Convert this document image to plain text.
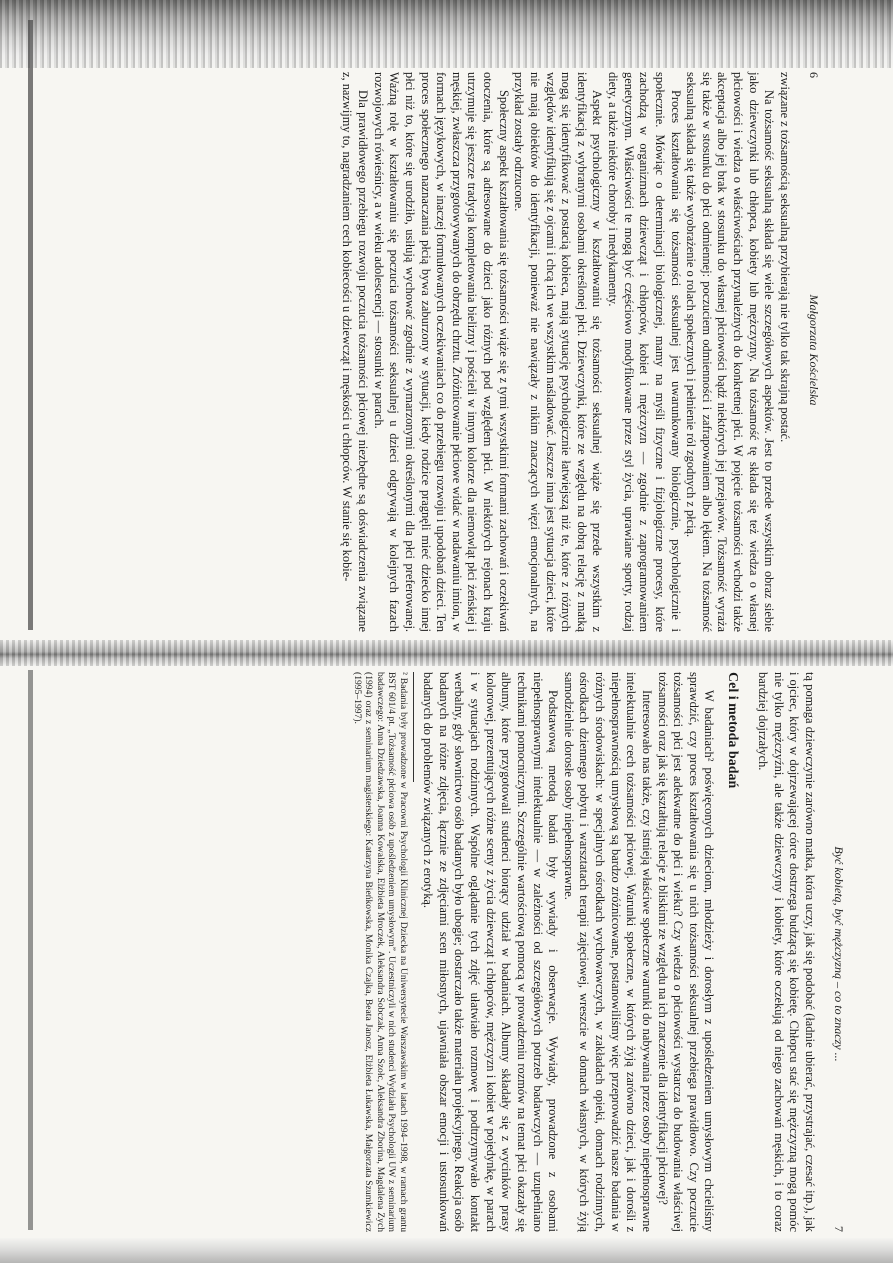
6
Małgorzata Kościelska

związane z tożsamością seksualną przybierają nie tylko tak skrajną postać.

Na tożsamość seksualną składa się wiele szczegółowych aspektów. Jest to przede wszystkim obraz siebie jako dziewczynki lub chłopca, kobiety lub mężczyzny. Na tożsamość tę składa się też wiedza o własnej płciowości i wiedza o właściwościach przynależnych do konkretnej płci. W pojęcie tożsamości wchodzi także akceptacja albo jej brak w stosunku do własnej płciowości bądź niektórych jej przejawów. Tożsamość wyraża się także w stosunku do płci odmiennej: poczuciem odmienności i zafrapowaniem albo lękiem. Na tożsamość seksualną składa się także wyobrażenie o rolach społecznych i pełnienie ról zgodnych z płcią.

Proces kształtowania się tożsamości seksualnej jest uwarunkowany biologicznie, psychologicznie i społecznie. Mówiąc o determinacji biologicznej, mamy na myśli fizyczne i fizjologiczne procesy, które zachodzą w organizmach dziewcząt i chłopców, kobiet i mężczyzn — zgodnie z zaprogramowaniem genetycznym. Właściwości te mogą być częściowo modyfikowane przez styl życia, uprawiane sporty, rodzaj diety, a także niektóre choroby i medykamenty.

Aspekt psychologiczny w kształtowaniu się tożsamości seksualnej wiąże się przede wszystkim z identyfikacją z wybranymi osobami określonej płci. Dziewczynki, które ze względu na dobrą relację z matką mogą się identyfikować z postacią kobieca, mają sytuację psychologicznie łatwiejszą niż te, które z różnych względów identyfikują się z ojcami i chcą ich we wszystkim naśladować. Jeszcze inna jest sytuacja dzieci, które nie mają obiektów do identyfikacji, ponieważ nie nawiązały z nikim znaczących więzi emocjonalnych, na przykład zostały odrzucone.

Społeczny aspekt kształtowania się tożsamości wiąże się z tymi wszystkimi formami zachowań i oczekiwań otoczenia, które są adresowane do dzieci jako różnych pod względem płci. W niektórych rejonach kraju utrzymuje się jeszcze tradycja kompletowania bielizny i pościeli w innym kolorze dla niemowląt płci żeńskiej i męskiej, zwłaszcza przygotowywanych do obrzędu chrztu. Zróżnicowanie płciowe widać w nadawaniu imion, w formach językowych, w inaczej formułowanych oczekiwaniach co do przebiegu rozwoju i upodobań dzieci. Ten proces społecznego naznaczania płcią bywa zaburzony w sytuacji, kiedy rodzice pragnęli mieć dziecko innej płci niż to, które się urodziło, usiłują wychować zgodnie z wymarzonymi określonymi dla płci preferowanej. Ważną rolę w kształtowaniu się poczucia tożsamości seksualnej u dzieci odgrywają w kolejnych fazach rozwojowych rówieśnicy, a w wieku adolescencji — stosunki w parach.

Dla prawidłowego przebiegu rozwoju poczucia tożsamości płciowej niezbędne są doświadczenia związane z, nazwijmy to, nagradzaniem cech kobiecości u dziewcząt i męskości u chłopców. W stanie się kobie-

Być kobietą, być mężczyzną – co to znaczy ...
7

tą pomaga dziewczynie zarówno matka, która uczy, jak się podobać (ładnie ubierać, przystrajać, czesać itp.), jak i ojciec, który w dojrzewającej córce dostrzega budzącą się kobietę. Chłopcu stać się mężczyzną mogą pomóc nie tylko mężczyźni, ale także dziewczyny i kobiety, które oczekują od niego zachowań męskich, i to coraz bardziej dojrzałych.

Cel i metoda badań

W badaniach² poświęconych dzieciom, młodzieży i dorosłym z upośledzeniem umysłowym chcieliśmy sprawdzić, czy proces kształtowania się u nich tożsamości seksualnej przebiega prawidłowo. Czy poczucie tożsamości płci jest adekwatne do płci i wieku? Czy wiedza o płciowości wystarcza do budowania właściwej tożsamości oraz jak się kształtują relacje z bliskimi ze względu na ich znaczenie dla identyfikacji płciowej?

Interesowało nas także, czy istnieją właściwe społeczne warunki do nabywania przez osoby niepełnosprawne intelektualnie cech tożsamości płciowej. Warunki społeczne, w których żyją zarówno dzieci, jak i dorośli z niepełnosprawnością umysłową są bardzo zróżnicowane, postanowiliśmy więc przeprowadzić nasze badania w różnych środowiskach: w specjalnych ośrodkach wychowawczych, w zakładach opieki, domach rodzinnych, ośrodkach dziennego pobytu i warsztatach terapii zajęciowej, wreszcie w domach własnych, w których żyją samodzielnie dorosłe osoby niepełnosprawne.

Podstawową metodą badań były wywiady i obserwacje. Wywiady, prowadzone z osobami niepełnosprawnymi intelektualnie — w zależności od szczegółowych potrzeb badawczych — uzupełniano technikami pomocniczymi. Szczególnie wartościową pomocą w prowadzeniu rozmów na temat płci okazały się albumy, które przygotowali studenci biorący udział w badaniach. Albumy składały się z wycinków prasy kolorowej, prezentujących różne sceny z życia dziewcząt i chłopców, mężczyzn i kobiet w pojedynkę, w parach i w sytuacjach rodzinnych. Wspólne oglądanie tych zdjęć ułatwiało rozmowę i podtrzymywało kontakt werbalny, gdy słownictwo osób badanych było ubogie; dostarczało także materiału projekcyjnego. Reakcja osób badanych na różne zdjęcia, łącznie ze zdjęciami scen miłosnych, ujawniała obszar emocji i ustosunkowań badanych do problemów związanych z erotyką.

² Badania były prowadzone w Pracowni Psychologii Klinicznej Dziecka na Uniwersytecie Warszawskim w latach 1994–1998, w ramach grantu BST 601/4 pt. „Tożsamość płciowa osób z upośledzeniem umysłowym”. Uczestniczyli w nich studenci Wydziału Psychologii UW z seminarium badawczego: Anna Dziedzawska, Joanna Kowalska, Elżbieta Mroczek, Aleksandra Sobczak, Anna Szołc, Aleksandra Zborina, Magdalena Zych (1994) oraz z seminarium magisterskiego: Katarzyna Bieńkowska, Monika Czajka, Beata Janosz, Elżbieta Łukawska, Małgorzata Szumkiewicz (1995–1997).
